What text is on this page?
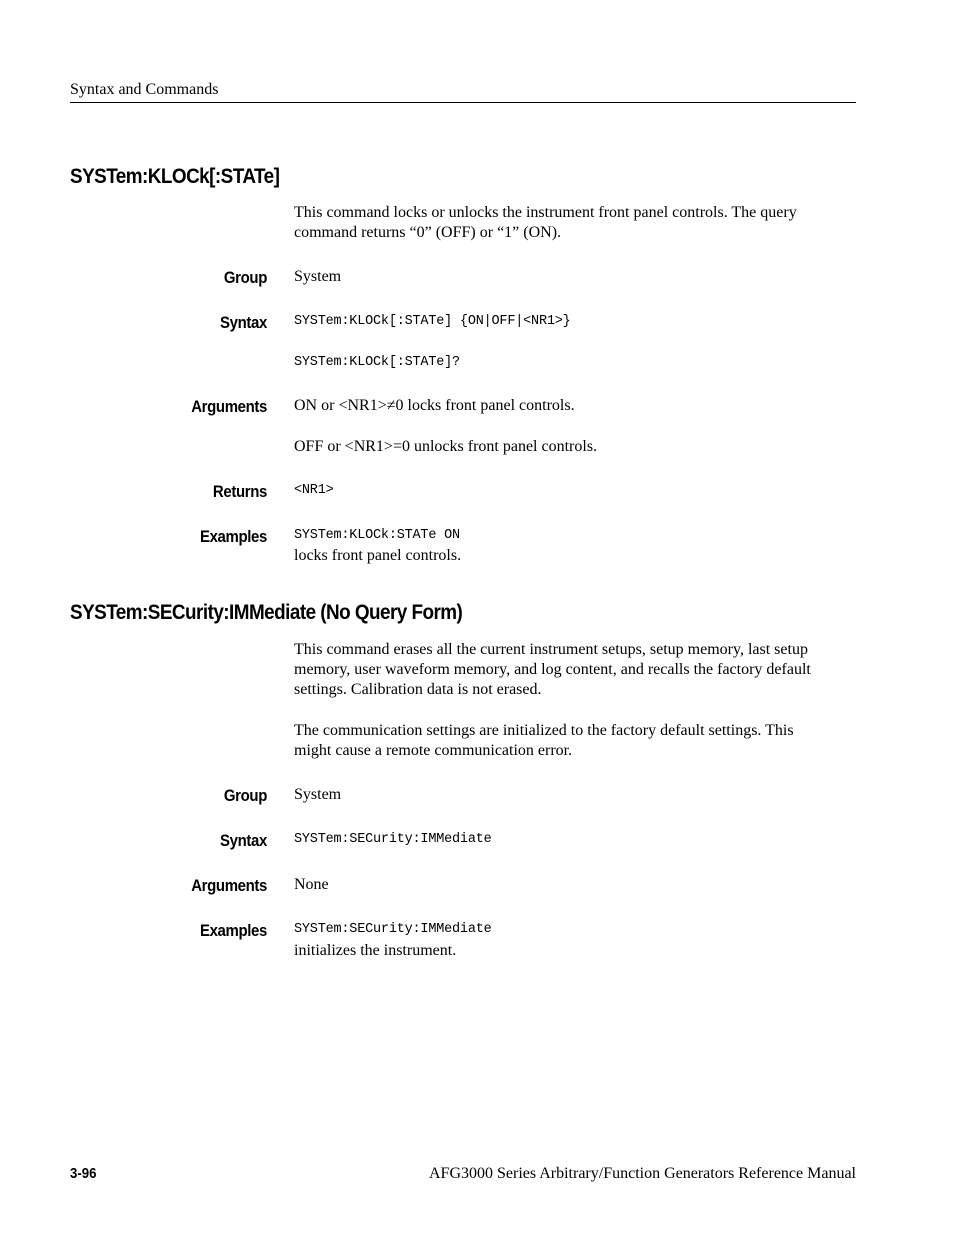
Syntax and Commands
SYSTem:KLOCk[:STATe]
This command locks or unlocks the instrument front panel controls. The query
command returns “0” (OFF) or “1” (ON).
Group System
Syntax SYSTem:KLOCk[:STATe] {ON|OFF|<NR1>}
SYSTem:KLOCk[:STATe]?
Arguments ON or <NR1>≠0 locks front panel controls.
OFF or <NR1>=0 unlocks front panel controls.
Returns <NR1>
Examples SYSTem:KLOCk:STATe ON
locks front panel controls.
SYSTem:SECurity:IMMediate (No Query Form)
This command erases all the current instrument setups, setup memory, last setup
memory, user waveform memory, and log content, and recalls the factory default
settings. Calibration data is not erased.
The communication settings are initialized to the factory default settings. This
might cause a remote communication error.
Group System
Syntax SYSTem:SECurity:IMMediate
Arguments None
Examples SYSTem:SECurity:IMMediate
initializes the instrument.
3-96	AFG3000 Series Arbitrary/Function Generators Reference Manual
